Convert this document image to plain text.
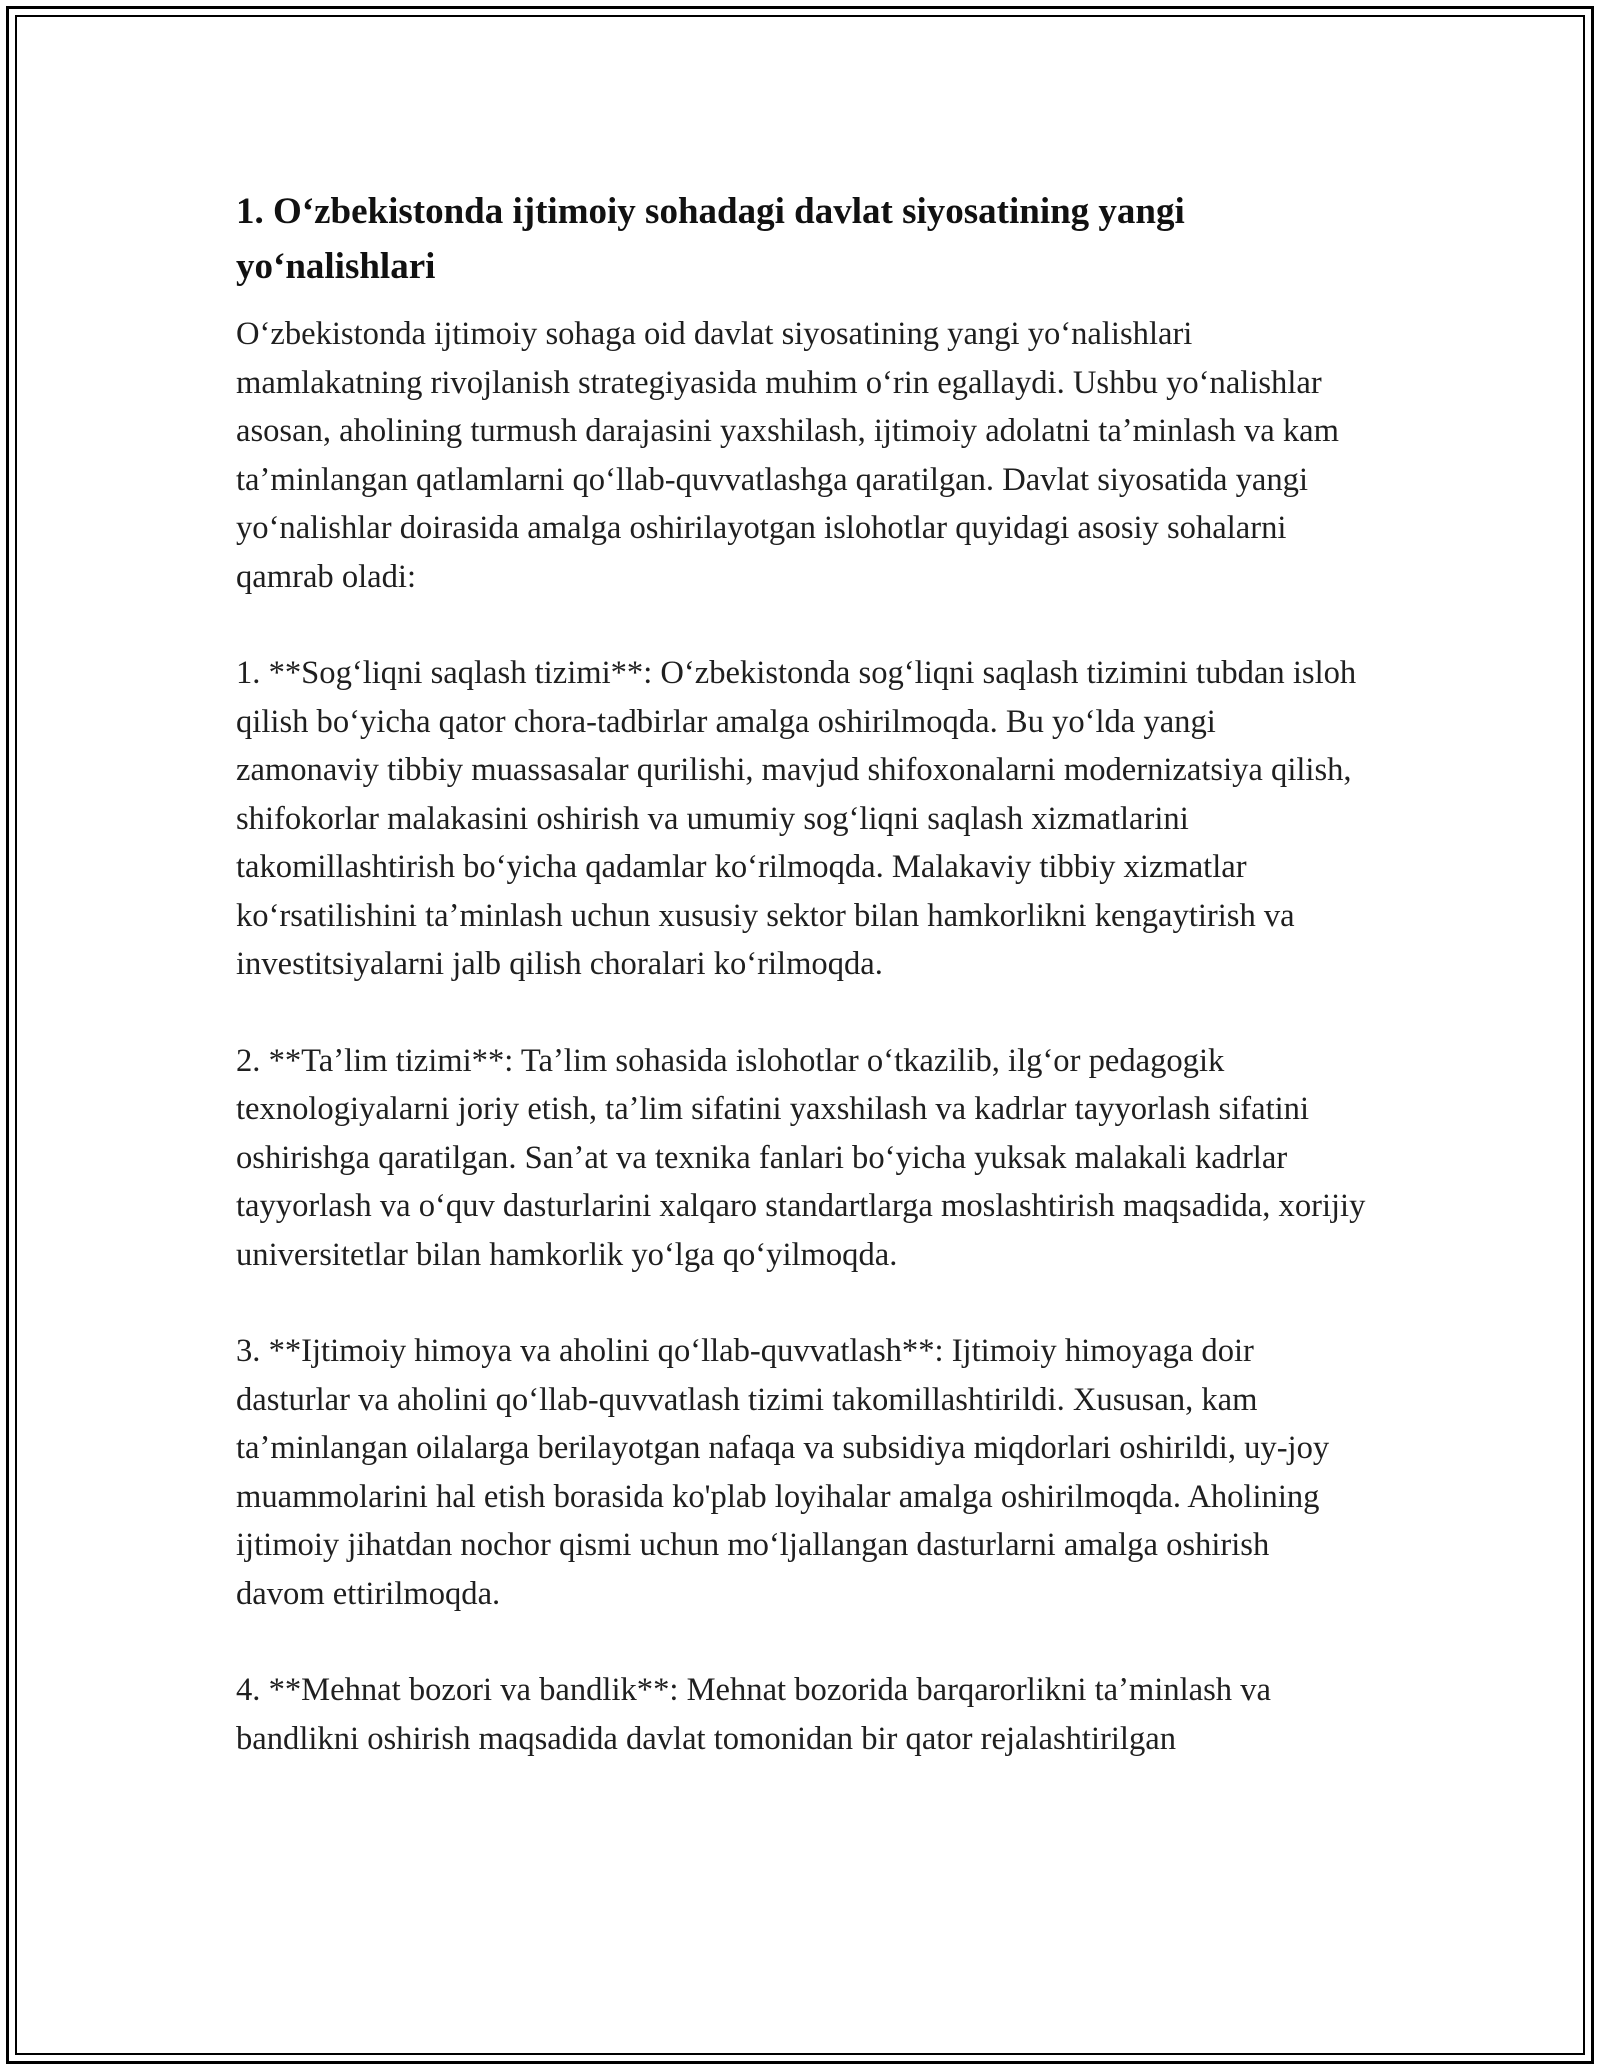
1. Oʻzbekistonda ijtimoiy sohadagi davlat siyosatining yangi yoʻnalishlari

Oʻzbekistonda ijtimoiy sohaga oid davlat siyosatining yangi yoʻnalishlari mamlakatning rivojlanish strategiyasida muhim oʻrin egallaydi. Ushbu yoʻnalishlar asosan, aholining turmush darajasini yaxshilash, ijtimoiy adolatni taʼminlash va kam taʼminlangan qatlamlarni qoʻllab-quvvatlashga qaratilgan. Davlat siyosatida yangi yoʻnalishlar doirasida amalga oshirilayotgan islohotlar quyidagi asosiy sohalarni qamrab oladi:

1. **Sogʻliqni saqlash tizimi**: Oʻzbekistonda sogʻliqni saqlash tizimini tubdan isloh qilish boʻyicha qator chora-tadbirlar amalga oshirilmoqda. Bu yoʻlda yangi zamonaviy tibbiy muassasalar qurilishi, mavjud shifoxonalarni modernizatsiya qilish, shifokorlar malakasini oshirish va umumiy sogʻliqni saqlash xizmatlarini takomillashtirish boʻyicha qadamlar koʻrilmoqda. Malakaviy tibbiy xizmatlar koʻrsatilishini taʼminlash uchun xususiy sektor bilan hamkorlikni kengaytirish va investitsiyalarni jalb qilish choralari koʻrilmoqda.

2. **Taʼlim tizimi**: Taʼlim sohasida islohotlar oʻtkazilib, ilgʻor pedagogik texnologiyalarni joriy etish, taʼlim sifatini yaxshilash va kadrlar tayyorlash sifatini oshirishga qaratilgan. Sanʼat va texnika fanlari boʻyicha yuksak malakali kadrlar tayyorlash va oʻquv dasturlarini xalqaro standartlarga moslashtirish maqsadida, xorijiy universitetlar bilan hamkorlik yoʻlga qoʻyilmoqda.

3. **Ijtimoiy himoya va aholini qoʻllab-quvvatlash**: Ijtimoiy himoyaga doir dasturlar va aholini qoʻllab-quvvatlash tizimi takomillashtirildi. Xususan, kam taʼminlangan oilalarga berilayotgan nafaqa va subsidiya miqdorlari oshirildi, uy-joy muammolarini hal etish borasida ko'plab loyihalar amalga oshirilmoqda. Aholining ijtimoiy jihatdan nochor qismi uchun moʻljallangan dasturlarni amalga oshirish davom ettirilmoqda.

4. **Mehnat bozori va bandlik**: Mehnat bozorida barqarorlikni taʼminlash va bandlikni oshirish maqsadida davlat tomonidan bir qator rejalashtirilgan
